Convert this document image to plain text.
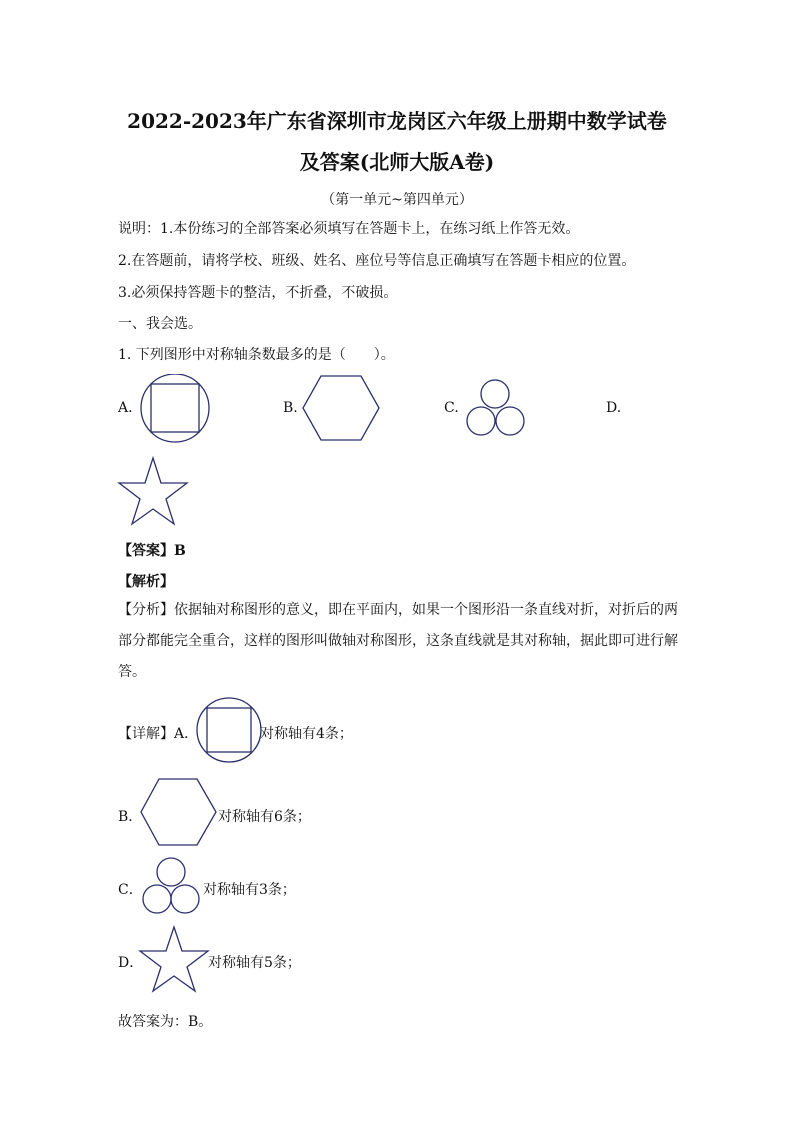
2022-2023年广东省深圳市龙岗区六年级上册期中数学试卷
及答案(北师大版A卷)
（第一单元~第四单元）
说明：1.本份练习的全部答案必须填写在答题卡上，在练习纸上作答无效。
2.在答题前，请将学校、班级、姓名、座位号等信息正确填写在答题卡相应的位置。
3.必须保持答题卡的整洁，不折叠，不破损。
一、我会选。
1. 下列图形中对称轴条数最多的是（　　）。
A.	B.	C.	D.
【答案】B
【解析】
【分析】依据轴对称图形的意义，即在平面内，如果一个图形沿一条直线对折，对折后的两部分都能完全重合，这样的图形叫做轴对称图形，这条直线就是其对称轴，据此即可进行解答。
【详解】A．	对称轴有4条；
B．	对称轴有6条；
C．	对称轴有3条；
D．	对称轴有5条；
故答案为：B。
